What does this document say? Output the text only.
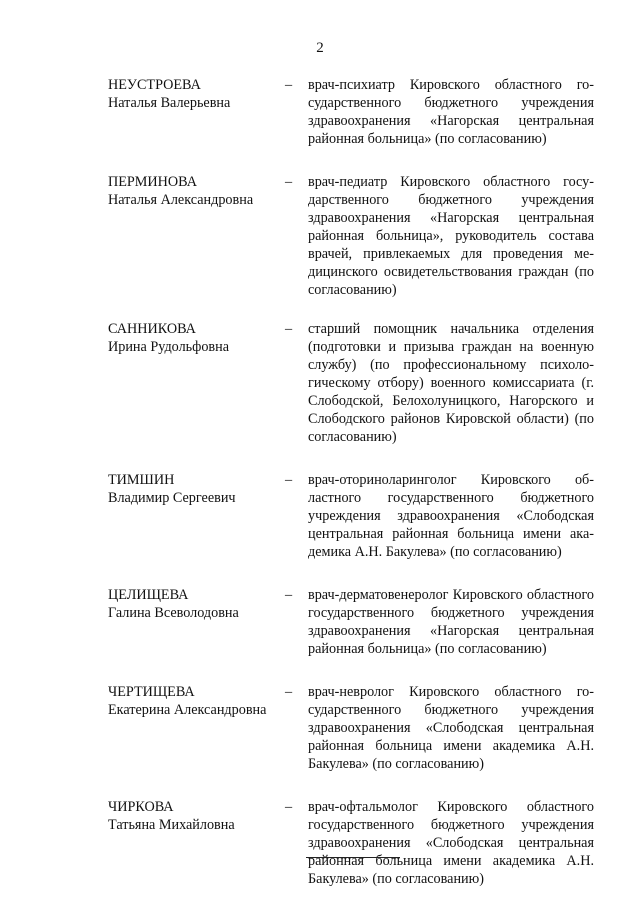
2
НЕУСТРОЕВА
Наталья Валерьевна
–	врач-психиатр Кировского областного государственного бюджетного учреждения здравоохранения «Нагорская центральная районная больница» (по согласованию)
ПЕРМИНОВА
Наталья Александровна
–	врач-педиатр Кировского областного государственного бюджетного учреждения здравоохранения «Нагорская центральная районная больница», руководитель состава врачей, привлекаемых для проведения медицинского освидетельствования граждан (по согласованию)
САННИКОВА
Ирина Рудольфовна
–	старший помощник начальника отделения (подготовки и призыва граждан на военную службу) (по профессиональному психологическому отбору) военного комиссариата (г. Слободской, Белохолуницкого, Нагорского и Слободского районов Кировской области) (по согласованию)
ТИМШИН
Владимир Сергеевич
–	врач-оториноларинголог Кировского областного государственного бюджетного учреждения здравоохранения «Слободская центральная районная больница имени академика А.Н. Бакулева» (по согласованию)
ЦЕЛИЩЕВА
Галина Всеволодовна
–	врач-дерматовенеролог Кировского областного государственного бюджетного учреждения здравоохранения «Нагорская центральная районная больница» (по согласованию)
ЧЕРТИЩЕВА
Екатерина Александровна
–	врач-невролог Кировского областного государственного бюджетного учреждения здравоохранения «Слободская центральная районная больница имени академика А.Н. Бакулева» (по согласованию)
ЧИРКОВА
Татьяна Михайловна
–	врач-офтальмолог Кировского областного государственного бюджетного учреждения здравоохранения «Слободская центральная районная больница имени академика А.Н. Бакулева» (по согласованию)
